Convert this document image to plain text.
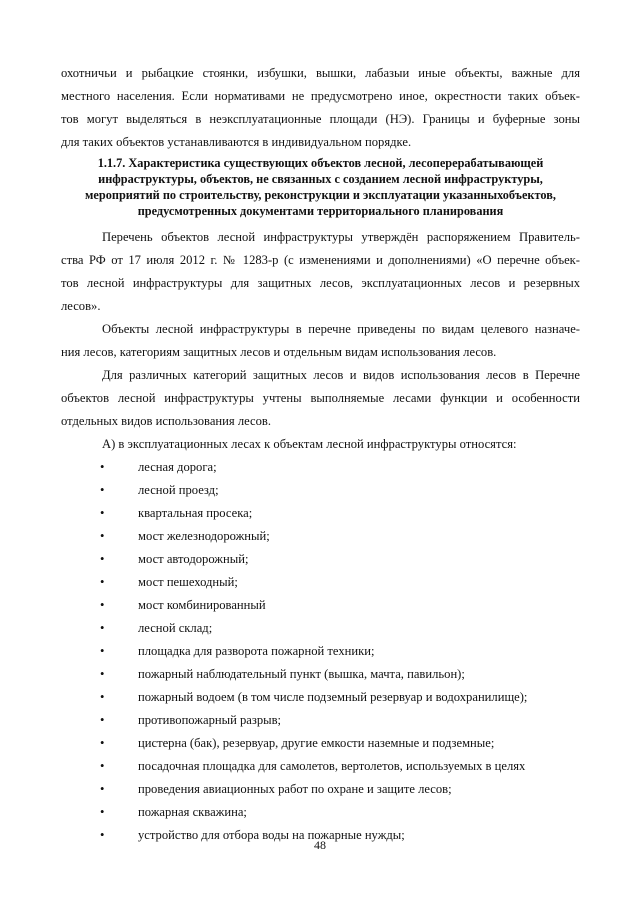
охотничьи и рыбацкие стоянки, избушки, вышки, лабазыи иные объекты, важные для
местного населения. Если нормативами не предусмотрено иное, окрестности таких объек-
тов могут выделяться в неэксплуатационные площади (НЭ). Границы и буферные зоны
для таких объектов устанавливаются в индивидуальном порядке.
1.1.7. Характеристика существующих объектов лесной, лесоперерабатывающей
инфраструктуры, объектов, не связанных с созданием лесной инфраструктуры,
мероприятий по строительству, реконструкции и эксплуатации указанныхобъектов,
предусмотренных документами территориального планирования
Перечень объектов лесной инфраструктуры утверждён распоряжением Правитель-
ства РФ от 17 июля 2012 г. № 1283-р (с изменениями и дополнениями) «О перечне объек-
тов лесной инфраструктуры для защитных лесов, эксплуатационных лесов и резервных
лесов».
Объекты лесной инфраструктуры в перечне приведены по видам целевого назначе-
ния лесов, категориям защитных лесов и отдельным видам использования лесов.
Для различных категорий защитных лесов и видов использования лесов в Перечне
объектов лесной инфраструктуры учтены выполняемые лесами функции и особенности
отдельных видов использования лесов.
А) в эксплуатационных лесах к объектам лесной инфраструктуры относятся:
•	лесная дорога;
•	лесной проезд;
•	квартальная просека;
•	мост железнодорожный;
•	мост автодорожный;
•	мост пешеходный;
•	мост комбинированный
•	лесной склад;
•	площадка для разворота пожарной техники;
•	пожарный наблюдательный пункт (вышка, мачта, павильон);
•	пожарный водоем (в том числе подземный резервуар и водохранилище);
•	противопожарный разрыв;
•	цистерна (бак), резервуар, другие емкости наземные и подземные;
•	посадочная площадка для самолетов, вертолетов, используемых в целях
•	проведения авиационных работ по охране и защите лесов;
•	пожарная скважина;
•	устройство для отбора воды на пожарные нужды;
48
